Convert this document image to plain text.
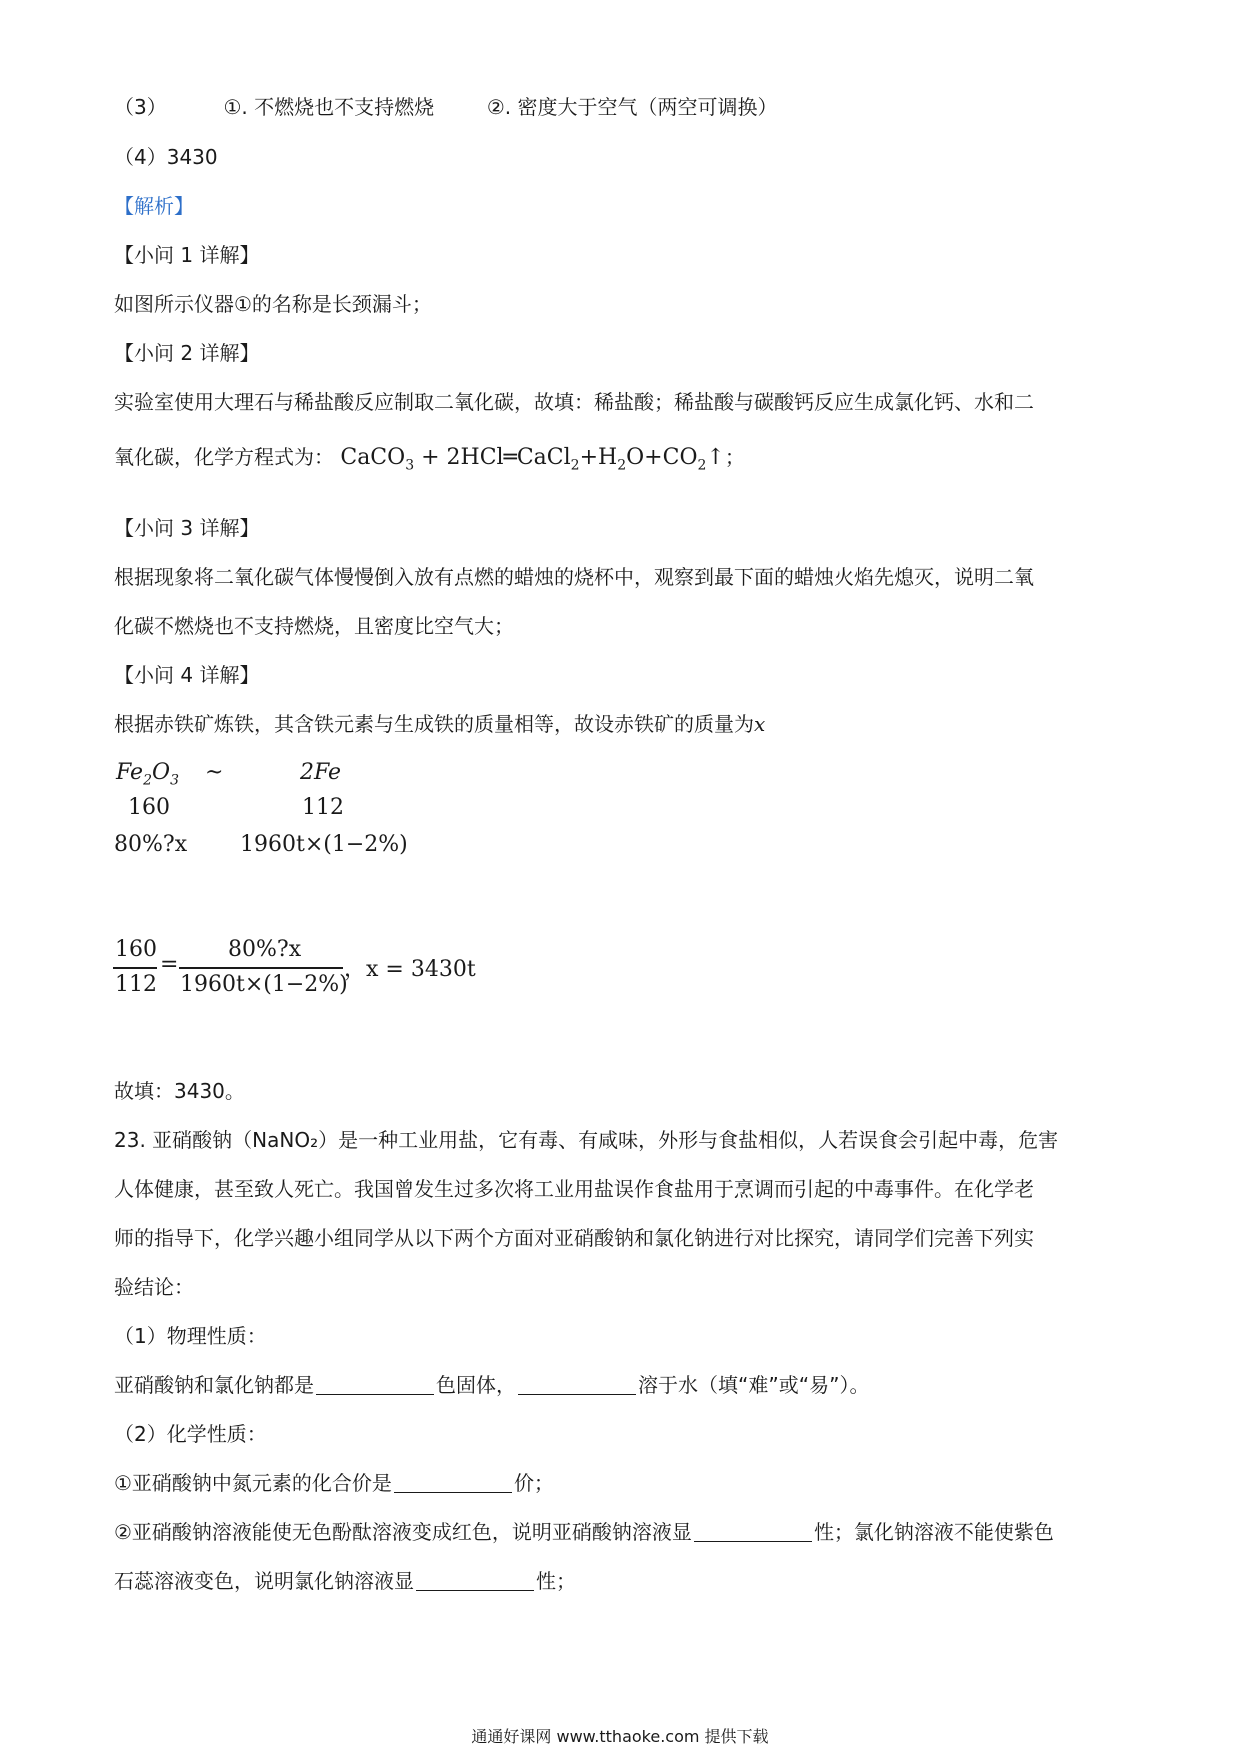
（3）	①. 不燃烧也不支持燃烧	②. 密度大于空气（两空可调换）
（4）3430
【解析】
【小问 1 详解】
如图所示仪器①的名称是长颈漏斗；
【小问 2 详解】
实验室使用大理石与稀盐酸反应制取二氧化碳，故填：稀盐酸；稀盐酸与碳酸钙反应生成氯化钙、水和二
氧化碳，化学方程式为： CaCO$_3$ + $2HCl═CaCl_2+H_2O+CO_2↑$；
【小问 3 详解】
根据现象将二氧化碳气体慢慢倒入放有点燃的蜡烛的烧杯中，观察到最下面的蜡烛火焰先熄灭，说明二氧
化碳不燃烧也不支持燃烧，且密度比空气大；
【小问 4 详解】
根据赤铁矿炼铁，其含铁元素与生成铁的质量相等，故设赤铁矿的质量为x
$Fe_2O_3$ ~	2Fe
160	112
80%?x 1960t×(1−2%)
160
112
=
80%?x
1960t×(1−2%)
，x = 3430t
故填：3430。
23. 亚硝酸钠（NaNO₂）是一种工业用盐，它有毒、有咸味，外形与食盐相似，人若误食会引起中毒，危害
人体健康，甚至致人死亡。我国曾发生过多次将工业用盐误作食盐用于烹调而引起的中毒事件。在化学老
师的指导下，化学兴趣小组同学从以下两个方面对亚硝酸钠和氯化钠进行对比探究，请同学们完善下列实
验结论：
（1）物理性质：
亚硝酸钠和氯化钠都是	色固体，	溶于水（填“难”或“易”）。
（2）化学性质：
①亚硝酸钠中氮元素的化合价是	价；
②亚硝酸钠溶液能使无色酚酞溶液变成红色，说明亚硝酸钠溶液显	性；氯化钠溶液不能使紫色
石蕊溶液变色，说明氯化钠溶液显	性；
通通好课网 www.tthaoke.com 提供下载
